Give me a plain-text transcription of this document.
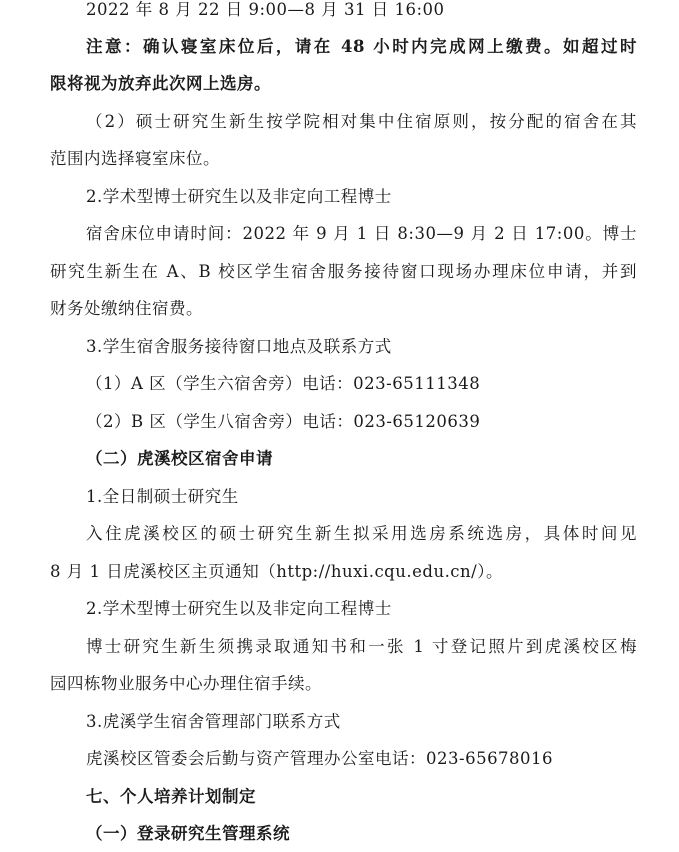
2022 年 8 月 22 日 9:00—8 月 31 日 16:00
注意：确认寝室床位后，请在 48 小时内完成网上缴费。如超过时
限将视为放弃此次网上选房。
（2）硕士研究生新生按学院相对集中住宿原则，按分配的宿舍在其
范围内选择寝室床位。
2.学术型博士研究生以及非定向工程博士
宿舍床位申请时间：2022 年 9 月 1 日 8:30—9 月 2 日 17:00。博士
研究生新生在 A、B 校区学生宿舍服务接待窗口现场办理床位申请，并到
财务处缴纳住宿费。
3.学生宿舍服务接待窗口地点及联系方式
（1）A 区（学生六宿舍旁）电话：023-65111348
（2）B 区（学生八宿舍旁）电话：023-65120639
（二）虎溪校区宿舍申请
1.全日制硕士研究生
入住虎溪校区的硕士研究生新生拟采用选房系统选房，具体时间见
8 月 1 日虎溪校区主页通知（http://huxi.cqu.edu.cn/）。
2.学术型博士研究生以及非定向工程博士
博士研究生新生须携录取通知书和一张 1 寸登记照片到虎溪校区梅
园四栋物业服务中心办理住宿手续。
3.虎溪学生宿舍管理部门联系方式
虎溪校区管委会后勤与资产管理办公室电话：023-65678016
七、个人培养计划制定
（一）登录研究生管理系统
